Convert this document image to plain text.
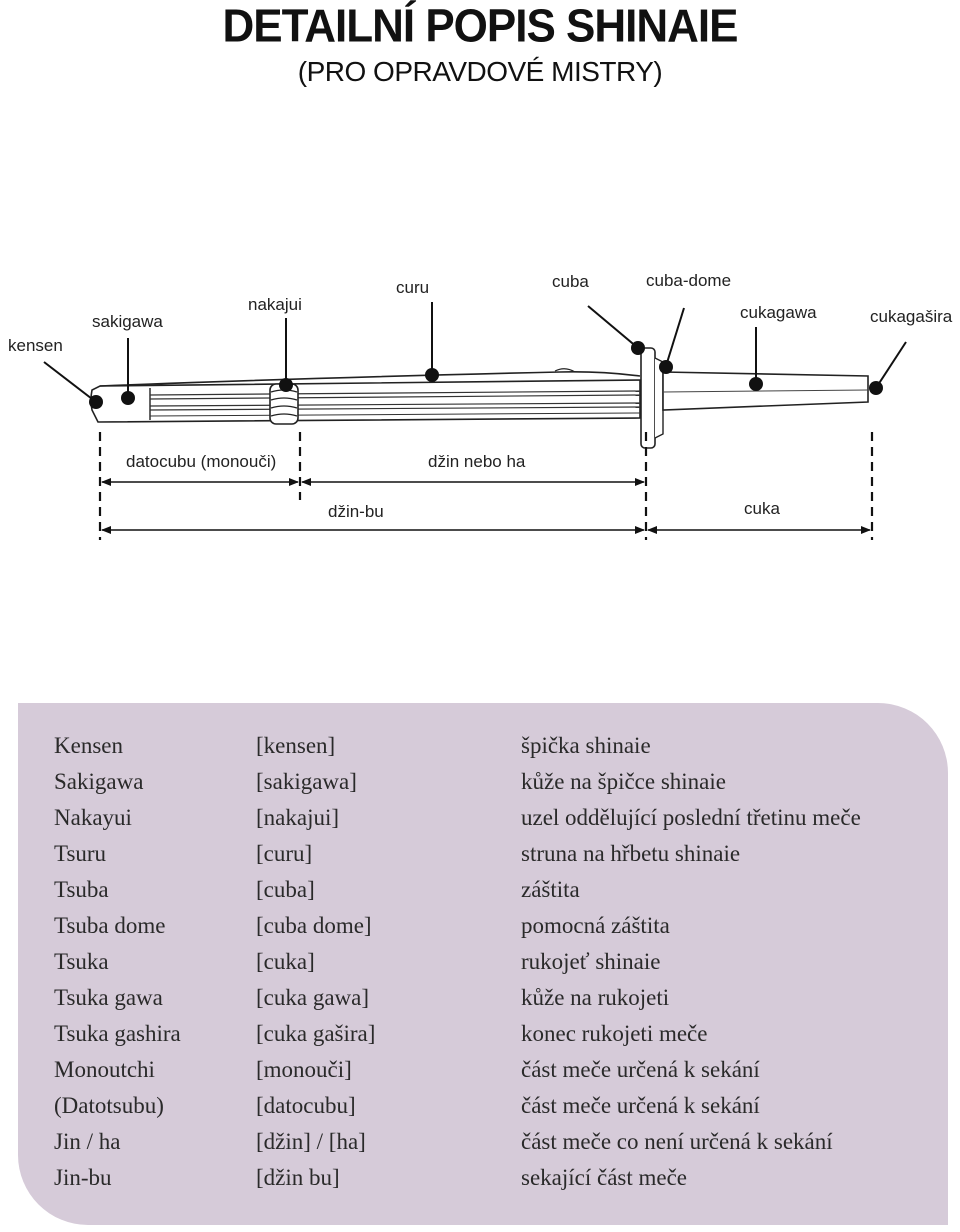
DETAILNÍ POPIS SHINAIE
(PRO OPRAVDOVÉ MISTRY)
kensen
sakigawa
nakajui
curu	cuba	cuba-dome
cukagawa	cukagašira
datocubu (monouči)	džin nebo ha
džin-bu	cuka
Kensen	[kensen]	špička shinaie
Sakigawa	[sakigawa]	kůže na špičce shinaie
Nakayui	[nakajui]	uzel oddělující poslední třetinu meče
Tsuru	[curu]	struna na hřbetu shinaie
Tsuba	[cuba]	záštita
Tsuba dome	[cuba dome]	pomocná záštita
Tsuka	[cuka]	rukojeť shinaie
Tsuka gawa	[cuka gawa]	kůže na rukojeti
Tsuka gashira	[cuka gašira]	konec rukojeti meče
Monoutchi	[monouči]	část meče určená k sekání
(Datotsubu)	[datocubu]	část meče určená k sekání
Jin / ha	[džin] / [ha]	část meče co není určená k sekání
Jin-bu	[džin bu]	sekající část meče
